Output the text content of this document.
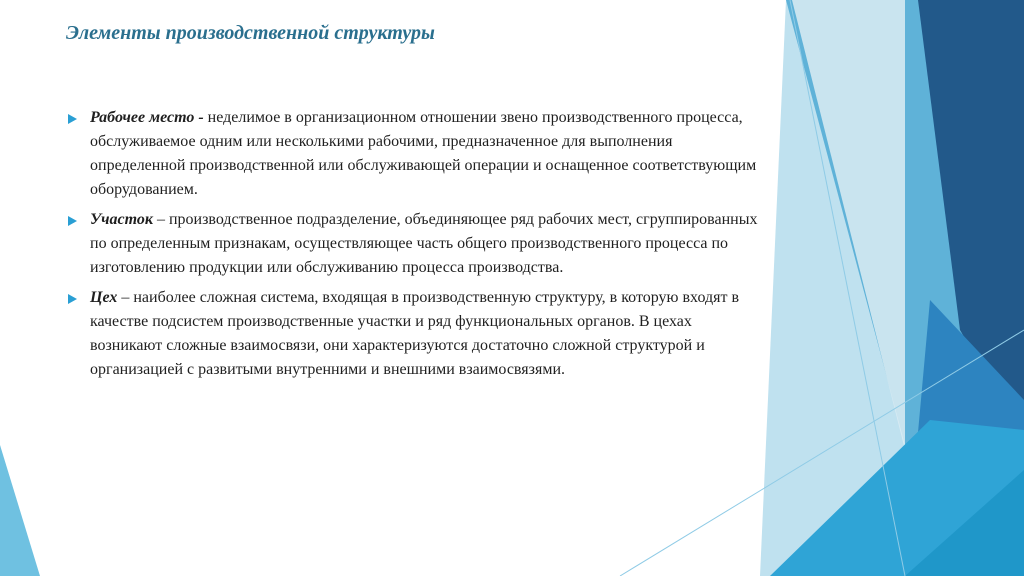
Элементы производственной структуры
Рабочее место - неделимое в организационном отношении звено производственного процесса, обслуживаемое одним или несколькими рабочими, предназначенное для выполнения определенной производственной или обслуживающей операции и оснащенное соответствующим оборудованием.
Участок – производственное подразделение, объединяющее ряд рабочих мест, сгруппированных по определенным признакам, осуществляющее часть общего производственного процесса по изготовлению продукции или обслуживанию процесса производства.
Цех – наиболее сложная система, входящая в производственную структуру, в которую входят в качестве подсистем производственные участки и ряд функциональных органов. В цехах возникают сложные взаимосвязи, они характеризуются достаточно сложной структурой и организацией с развитыми внутренними и внешними взаимосвязями.
